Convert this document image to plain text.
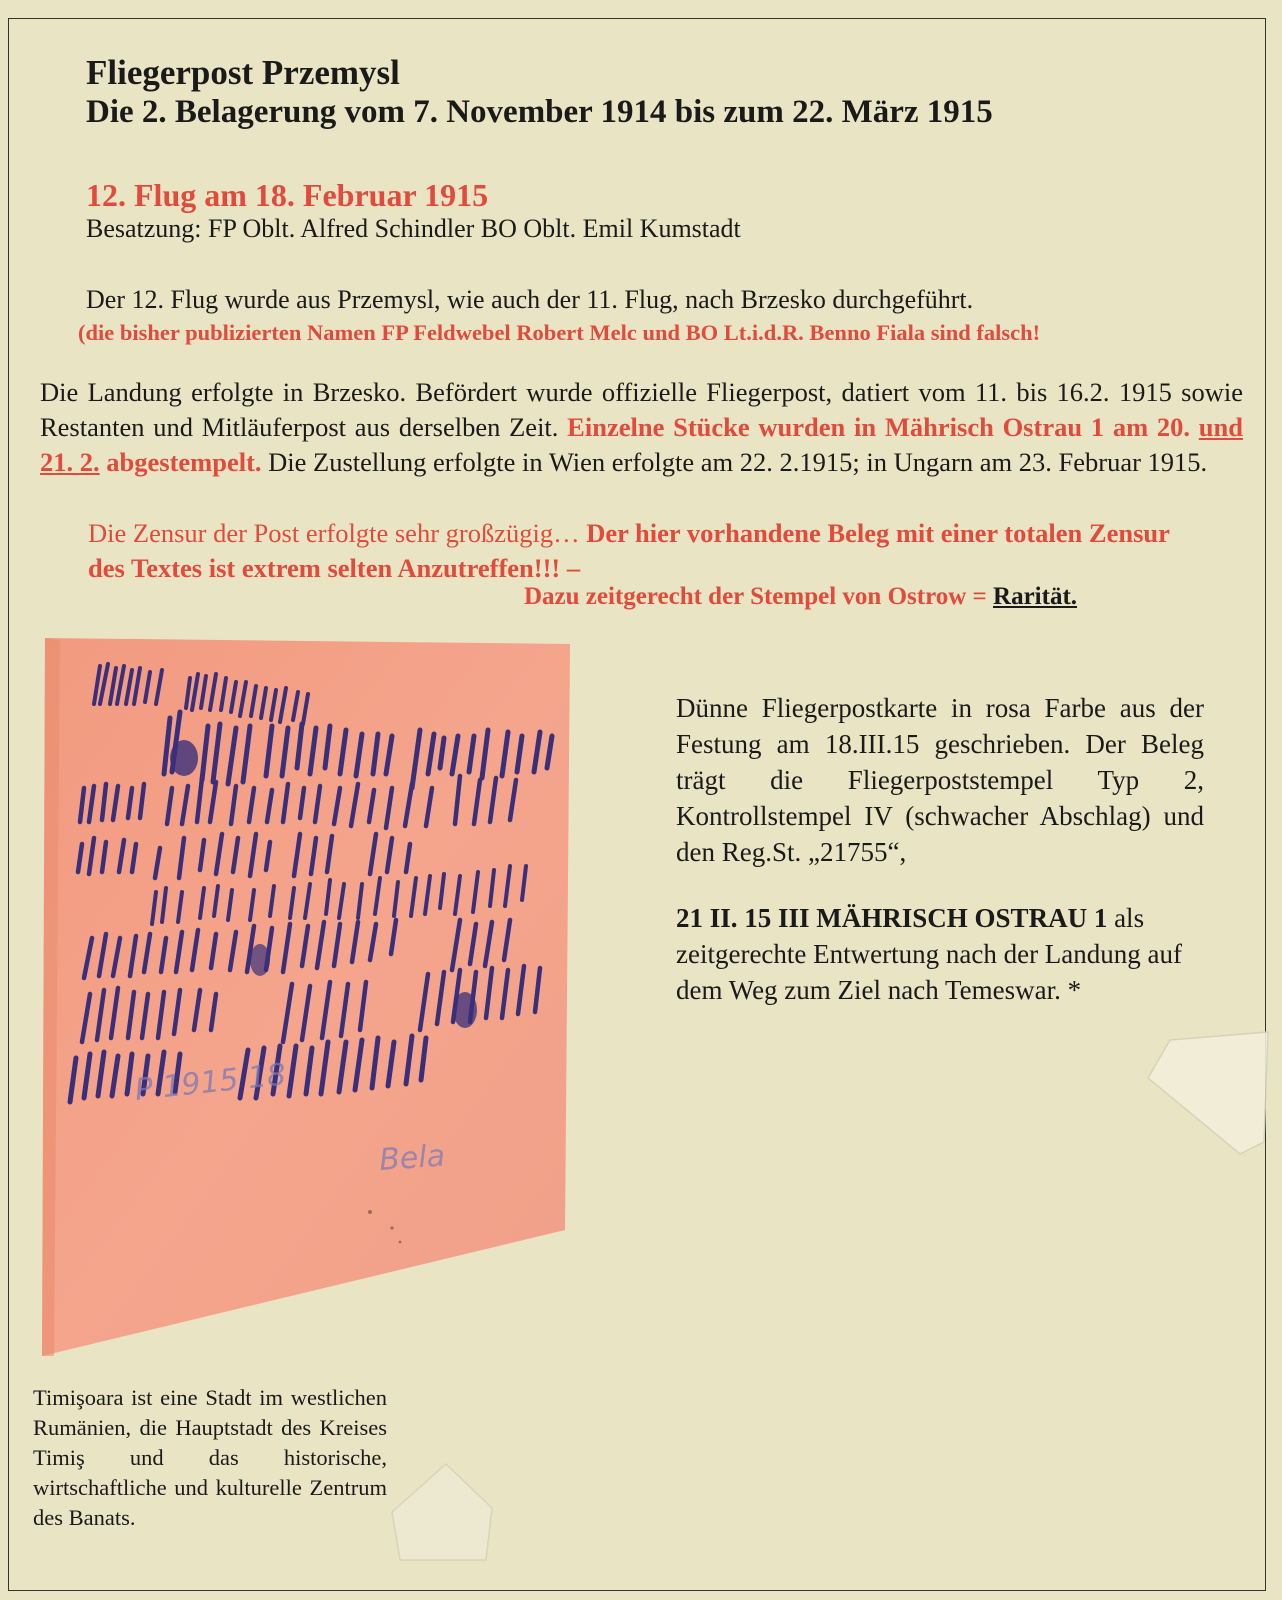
Fliegerpost Przemysl
Die 2. Belagerung vom 7. November 1914 bis zum 22. März 1915
12. Flug am 18. Februar 1915
Besatzung: FP Oblt. Alfred Schindler BO Oblt. Emil Kumstadt
Der 12. Flug wurde aus Przemysl, wie auch der 11. Flug, nach Brzesko durchgeführt.
(die bisher publizierten Namen FP Feldwebel Robert Melc und BO Lt.i.d.R. Benno Fiala sind falsch!
Die Landung erfolgte in Brzesko. Befördert wurde offizielle Fliegerpost, datiert vom 11. bis 16.2. 1915 sowie Restanten und Mitläuferpost aus derselben Zeit. Einzelne Stücke wurden in Mährisch Ostrau 1 am 20. und 21. 2. abgestempelt. Die Zustellung erfolgte in Wien erfolgte am 22. 2.1915; in Ungarn am 23. Februar 1915.
Die Zensur der Post erfolgte sehr großzügig… Der hier vorhandene Beleg mit einer totalen Zensur des Textes ist extrem selten Anzutreffen!!! –
Dazu zeitgerecht der Stempel von Ostrow = Rarität.
P 1915 18
Bela
Dünne Fliegerpostkarte in rosa Farbe aus der Festung am 18.III.15 geschrieben. Der Beleg trägt die Fliegerpoststempel Typ 2, Kontrollstempel IV (schwacher Abschlag) und den Reg.St. „21755“,
21 II. 15 III MÄHRISCH OSTRAU 1 als zeitgerechte Entwertung nach der Landung auf dem Weg zum Ziel nach Temeswar. *
Timişoara ist eine Stadt im westlichen Rumänien, die Hauptstadt des Kreises Timiş und das historische, wirtschaftliche und kulturelle Zentrum des Banats.
